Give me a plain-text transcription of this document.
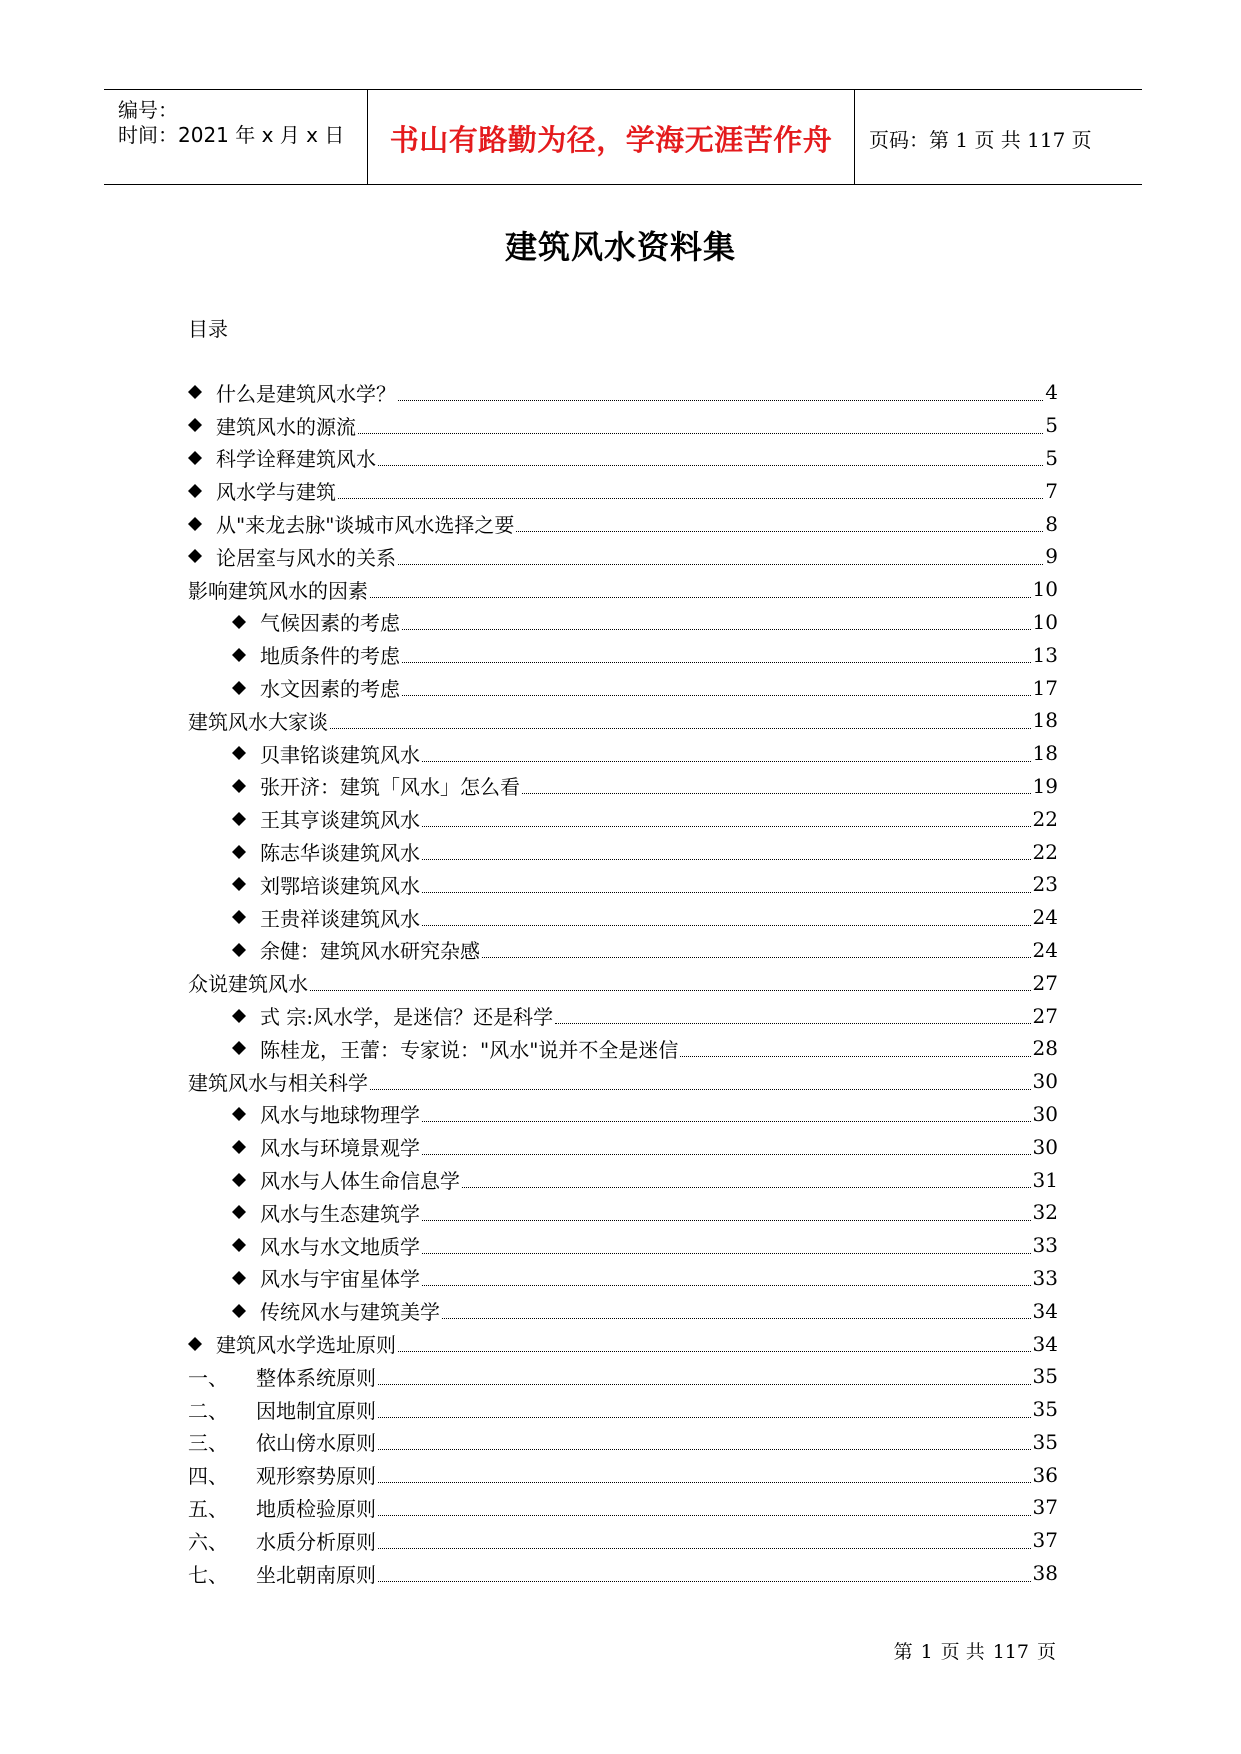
编号：
时间：2021 年 x 月 x 日	书山有路勤为径，学海无涯苦作舟	页码：第 1 页 共 117 页
建筑风水资料集
目录
什么是建筑风水学？	4
建筑风水的源流	5
科学诠释建筑风水	5
风水学与建筑	7
从"来龙去脉"谈城市风水选择之要	8
论居室与风水的关系	9
影响建筑风水的因素	10
气候因素的考虑	10
地质条件的考虑	13
水文因素的考虑	17
建筑风水大家谈	18
贝聿铭谈建筑风水	18
张开济：建筑「风水」怎么看	19
王其亨谈建筑风水	22
陈志华谈建筑风水	22
刘鄂培谈建筑风水	23
王贵祥谈建筑风水	24
余健：建筑风水研究杂感	24
众说建筑风水	27
式 宗:风水学，是迷信？还是科学	27
陈桂龙，王蕾：专家说："风水"说并不全是迷信	28
建筑风水与相关科学	30
风水与地球物理学	30
风水与环境景观学	30
风水与人体生命信息学	31
风水与生态建筑学	32
风水与水文地质学	33
风水与宇宙星体学	33
传统风水与建筑美学	34
建筑风水学选址原则	34
一、	整体系统原则	35
二、	因地制宜原则	35
三、	依山傍水原则	35
四、	观形察势原则	36
五、	地质检验原则	37
六、	水质分析原则	37
七、	坐北朝南原则	38
第 1 页 共 117 页
